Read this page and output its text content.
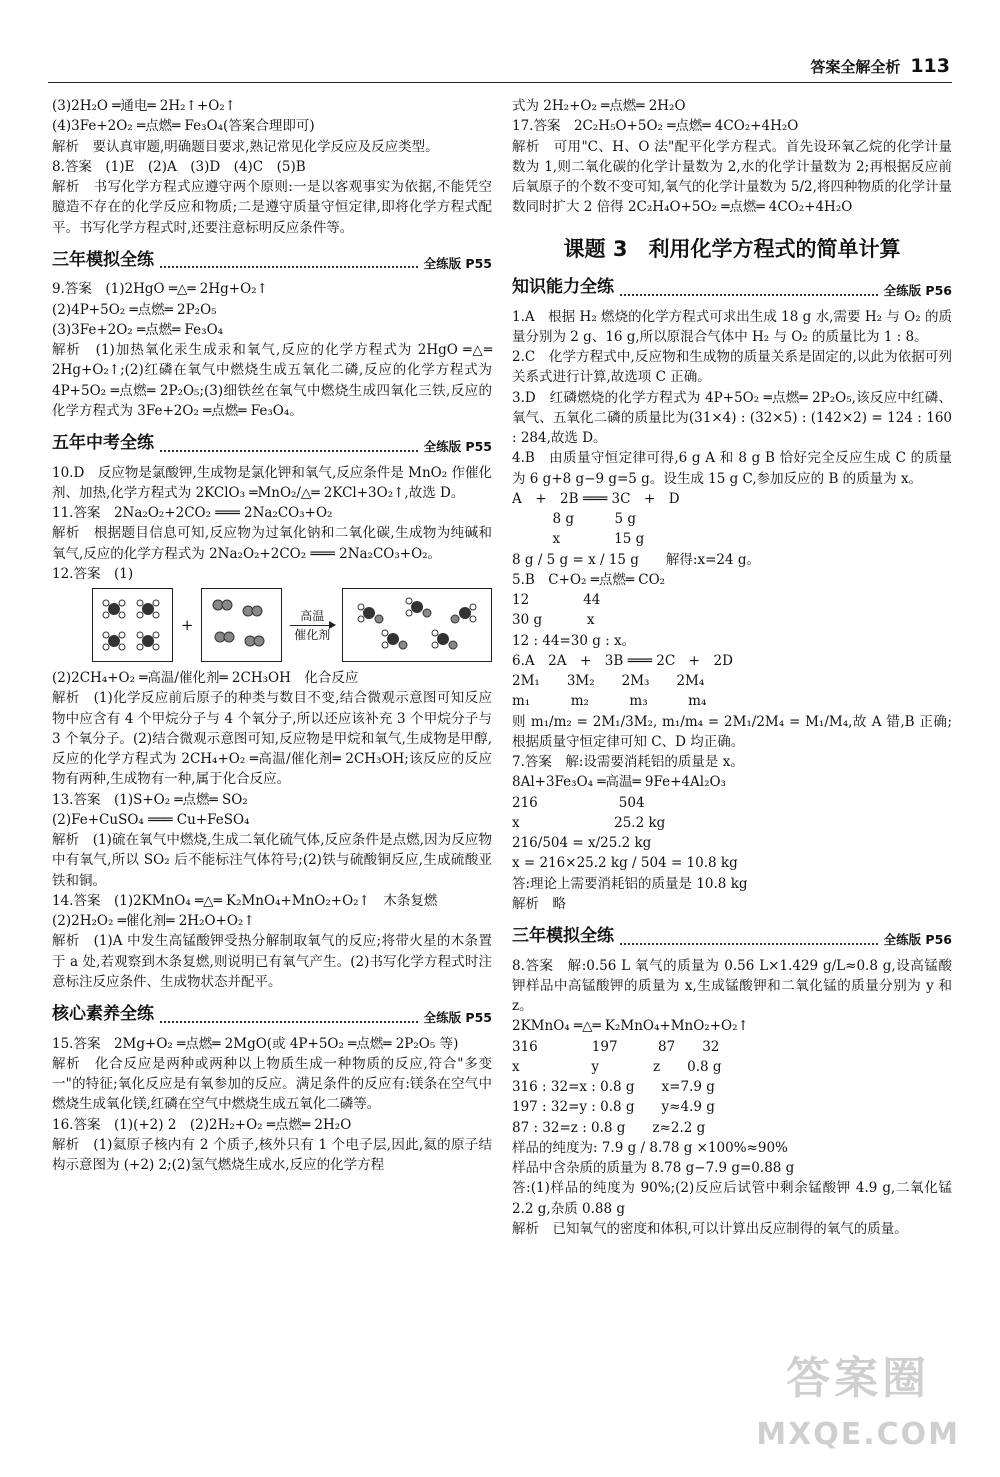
答案全解全析 113

(3)2H₂O ═通电═ 2H₂↑+O₂↑

(4)3Fe+2O₂ ═点燃═ Fe₃O₄(答案合理即可)

解析　要认真审题,明确题目要求,熟记常见化学反应及反应类型。

8.答案　(1)E　(2)A　(3)D　(4)C　(5)B

解析　书写化学方程式应遵守两个原则:一是以客观事实为依据,不能凭空臆造不存在的化学反应和物质;二是遵守质量守恒定律,即将化学方程式配平。书写化学方程式时,还要注意标明反应条件等。

三年模拟全练	全练版 P55

9.答案　(1)2HgO ═△═ 2Hg+O₂↑

(2)4P+5O₂ ═点燃═ 2P₂O₅

(3)3Fe+2O₂ ═点燃═ Fe₃O₄

解析　(1)加热氧化汞生成汞和氧气,反应的化学方程式为 2HgO ═△═ 2Hg+O₂↑;(2)红磷在氧气中燃烧生成五氧化二磷,反应的化学方程式为 4P+5O₂ ═点燃═ 2P₂O₅;(3)细铁丝在氧气中燃烧生成四氧化三铁,反应的化学方程式为 3Fe+2O₂ ═点燃═ Fe₃O₄。

五年中考全练	全练版 P55

10.D　反应物是氯酸钾,生成物是氯化钾和氧气,反应条件是 MnO₂ 作催化剂、加热,化学方程式为 2KClO₃ ═MnO₂/△═ 2KCl+3O₂↑,故选 D。

11.答案　2Na₂O₂+2CO₂ ═══ 2Na₂CO₃+O₂

解析　根据题目信息可知,反应物为过氧化钠和二氧化碳,生成物为纯碱和氧气,反应的化学方程式为 2Na₂O₂+2CO₂ ═══ 2Na₂CO₃+O₂。

12.答案　(1)

+
高温
催化剂

(2)2CH₄+O₂ ═高温/催化剂═ 2CH₃OH　化合反应

解析　(1)化学反应前后原子的种类与数目不变,结合微观示意图可知反应物中应含有 4 个甲烷分子与 4 个氧分子,所以还应该补充 3 个甲烷分子与 3 个氧分子。(2)结合微观示意图可知,反应物是甲烷和氧气,生成物是甲醇,反应的化学方程式为 2CH₄+O₂ ═高温/催化剂═ 2CH₃OH;该反应的反应物有两种,生成物有一种,属于化合反应。

13.答案　(1)S+O₂ ═点燃═ SO₂

(2)Fe+CuSO₄ ═══ Cu+FeSO₄

解析　(1)硫在氧气中燃烧,生成二氧化硫气体,反应条件是点燃,因为反应物中有氧气,所以 SO₂ 后不能标注气体符号;(2)铁与硫酸铜反应,生成硫酸亚铁和铜。

14.答案　(1)2KMnO₄ ═△═ K₂MnO₄+MnO₂+O₂↑　木条复燃

(2)2H₂O₂ ═催化剂═ 2H₂O+O₂↑

解析　(1)A 中发生高锰酸钾受热分解制取氧气的反应;将带火星的木条置于 a 处,若观察到木条复燃,则说明已有氧气产生。(2)书写化学方程式时注意标注反应条件、生成物状态并配平。

核心素养全练	全练版 P55

15.答案　2Mg+O₂ ═点燃═ 2MgO(或 4P+5O₂ ═点燃═ 2P₂O₅ 等)

解析　化合反应是两种或两种以上物质生成一种物质的反应,符合"多变一"的特征;氧化反应是有氧参加的反应。满足条件的反应有:镁条在空气中燃烧生成氧化镁,红磷在空气中燃烧生成五氧化二磷等。

16.答案　(1)(+2) 2　(2)2H₂+O₂ ═点燃═ 2H₂O

解析　(1)氦原子核内有 2 个质子,核外只有 1 个电子层,因此,氦的原子结构示意图为 (+2) 2;(2)氢气燃烧生成水,反应的化学方程

式为 2H₂+O₂ ═点燃═ 2H₂O

17.答案　2C₂H₅O+5O₂ ═点燃═ 4CO₂+4H₂O

解析　可用"C、H、O 法"配平化学方程式。首先设环氧乙烷的化学计量数为 1,则二氧化碳的化学计量数为 2,水的化学计量数为 2;再根据反应前后氧原子的个数不变可知,氧气的化学计量数为 5/2,将四种物质的化学计量数同时扩大 2 倍得 2C₂H₄O+5O₂ ═点燃═ 4CO₂+4H₂O

课题 3　利用化学方程式的简单计算
知识能力全练	全练版 P56

1.A　根据 H₂ 燃烧的化学方程式可求出生成 18 g 水,需要 H₂ 与 O₂ 的质量分别为 2 g、16 g,所以原混合气体中 H₂ 与 O₂ 的质量比为 1 : 8。

2.C　化学方程式中,反应物和生成物的质量关系是固定的,以此为依据可列关系式进行计算,故选项 C 正确。

3.D　红磷燃烧的化学方程式为 4P+5O₂ ═点燃═ 2P₂O₅,该反应中红磷、氧气、五氧化二磷的质量比为(31×4) : (32×5) : (142×2) = 124 : 160 : 284,故选 D。

4.B　由质量守恒定律可得,6 g A 和 8 g B 恰好完全反应生成 C 的质量为 6 g+8 g−9 g=5 g。设生成 15 g C,参加反应的 B 的质量为 x。

A　+　2B ═══ 3C　+　D

　　　8 g　　　5 g

　　　x　　　　15 g

8 g / 5 g = x / 15 g　　解得:x=24 g。

5.B　C+O₂ ═点燃═ CO₂

12　　　　44

30 g　　　 x

12 : 44=30 g : x。

6.A　2A　+　3B ═══ 2C　+　2D

2M₁　　3M₂　　2M₃　　2M₄

m₁　　　m₂　　　m₃　　　m₄

则 m₁/m₂ = 2M₁/3M₂, m₁/m₄ = 2M₁/2M₄ = M₁/M₄,故 A 错,B 正确;根据质量守恒定律可知 C、D 均正确。

7.答案　解:设需要消耗铝的质量是 x。

8Al+3Fe₃O₄ ═高温═ 9Fe+4Al₂O₃

216　　　　　　504

x　　　　　　　25.2 kg

216/504 = x/25.2 kg

x = 216×25.2 kg / 504 = 10.8 kg

答:理论上需要消耗铝的质量是 10.8 kg

解析　略

三年模拟全练	全练版 P56

8.答案　解:0.56 L 氧气的质量为 0.56 L×1.429 g/L≈0.8 g,设高锰酸钾样品中高锰酸钾的质量为 x,生成锰酸钾和二氧化锰的质量分别为 y 和 z。

2KMnO₄ ═△═ K₂MnO₄+MnO₂+O₂↑

316　　　　197　　　87　　32

x　　　　　 y　　　　z　　0.8 g

316 : 32=x : 0.8 g　　x=7.9 g

197 : 32=y : 0.8 g　　y≈4.9 g

87 : 32=z : 0.8 g　　z≈2.2 g

样品的纯度为: 7.9 g / 8.78 g ×100%≈90%

样品中含杂质的质量为 8.78 g−7.9 g=0.88 g

答:(1)样品的纯度为 90%;(2)反应后试管中剩余锰酸钾 4.9 g,二氧化锰 2.2 g,杂质 0.88 g

解析　已知氧气的密度和体积,可以计算出反应制得的氧气的质量。

答案圈
MXQE.COM
